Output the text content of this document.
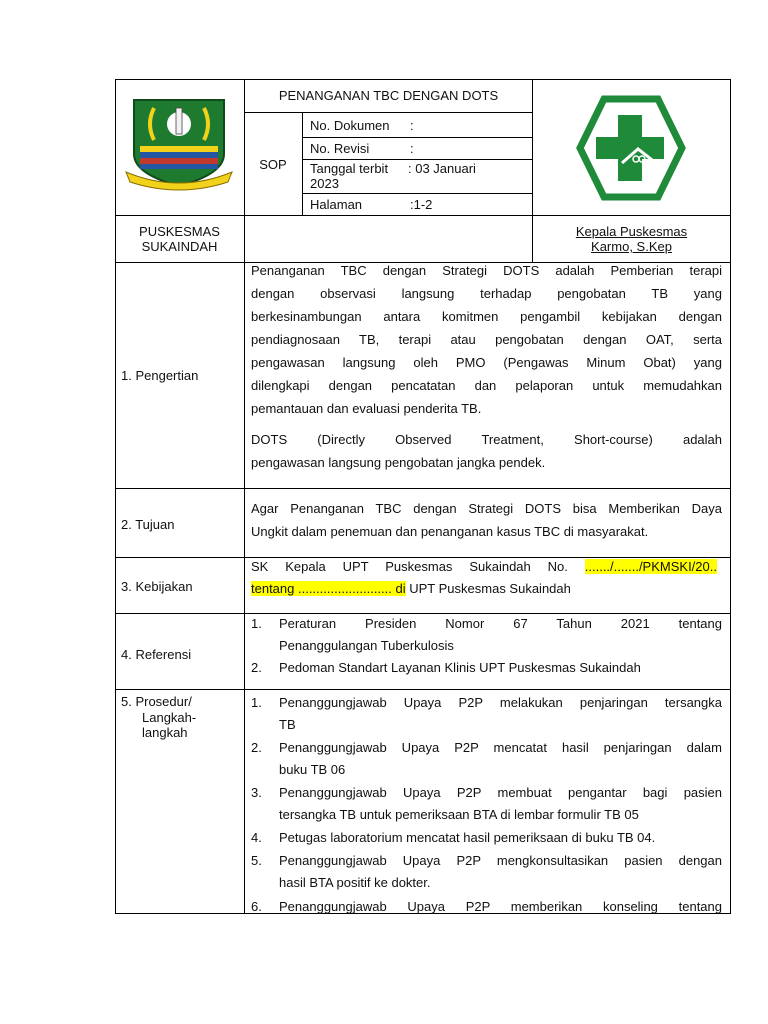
PENANGANAN TBC DENGAN DOTS
SOP
No. Dokumen :
No. Revisi	:
Tanggal terbit : 03 Januari
2023
Halaman	:1-2
PUSKESMAS
SUKAINDAH
Kepala Puskesmas
Karmo, S.Kep
1. Pengertian
Penanganan TBC dengan Strategi DOTS adalah Pemberian terapi
dengan observasi langsung terhadap pengobatan TB yang
berkesinambungan antara komitmen pengambil kebijakan dengan
pendiagnosaan TB, terapi atau pengobatan dengan OAT, serta
pengawasan langsung oleh PMO (Pengawas Minum Obat) yang
dilengkapi dengan pencatatan dan pelaporan untuk memudahkan
pemantauan dan evaluasi penderita TB.
DOTS (Directly Observed Treatment, Short-course) adalah
pengawasan langsung pengobatan jangka pendek.
2. Tujuan
Agar Penanganan TBC dengan Strategi DOTS bisa Memberikan Daya
Ungkit dalam penemuan dan penanganan kasus TBC di masyarakat.
3. Kebijakan
SK Kepala UPT Puskesmas Sukaindah No. ......./......./PKMSKI/20..
tentang .......................... di UPT Puskesmas Sukaindah
4. Referensi
1. Peraturan Presiden Nomor 67 Tahun 2021 tentang
Penanggulangan Tuberkulosis
2. Pedoman Standart Layanan Klinis UPT Puskesmas Sukaindah
5. Prosedur/
Langkah-
langkah
1. Penanggungjawab Upaya P2P melakukan penjaringan tersangka
TB
2. Penanggungjawab Upaya P2P mencatat hasil penjaringan dalam
buku TB 06
3. Penanggungjawab Upaya P2P membuat pengantar bagi pasien
tersangka TB untuk pemeriksaan BTA di lembar formulir TB 05
4. Petugas laboratorium mencatat hasil pemeriksaan di buku TB 04.
5. Penanggungjawab Upaya P2P mengkonsultasikan pasien dengan
hasil BTA positif ke dokter.
6. Penanggungjawab Upaya P2P memberikan konseling tentang
